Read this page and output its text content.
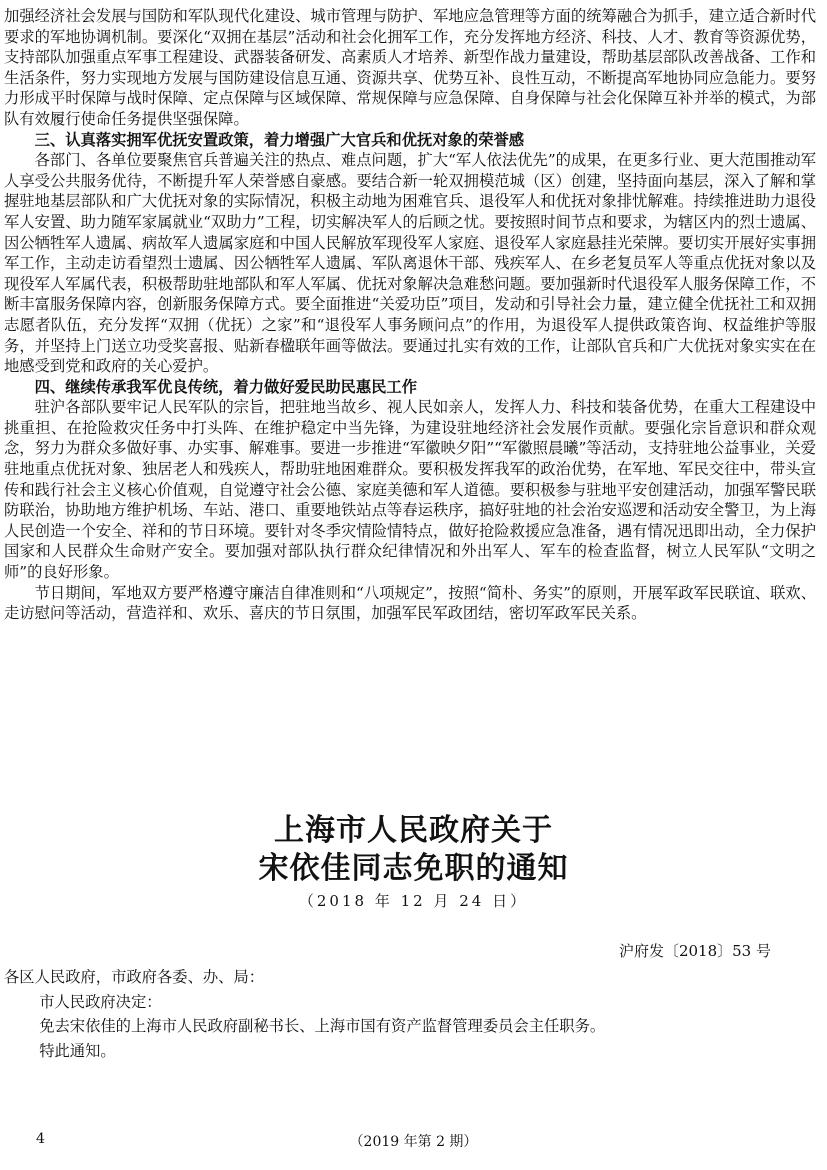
加强经济社会发展与国防和军队现代化建设、城市管理与防护、军地应急管理等方面的统筹融合为抓手，建立适合新时代要求的军地协调机制。要深化“双拥在基层”活动和社会化拥军工作，充分发挥地方经济、科技、人才、教育等资源优势，支持部队加强重点军事工程建设、武器装备研发、高素质人才培养、新型作战力量建设，帮助基层部队改善战备、工作和生活条件，努力实现地方发展与国防建设信息互通、资源共享、优势互补、良性互动，不断提高军地协同应急能力。要努力形成平时保障与战时保障、定点保障与区域保障、常规保障与应急保障、自身保障与社会化保障互补并举的模式，为部队有效履行使命任务提供坚强保障。

三、认真落实拥军优抚安置政策，着力增强广大官兵和优抚对象的荣誉感

各部门、各单位要聚焦官兵普遍关注的热点、难点问题，扩大“军人依法优先”的成果，在更多行业、更大范围推动军人享受公共服务优待，不断提升军人荣誉感自豪感。要结合新一轮双拥模范城（区）创建，坚持面向基层，深入了解和掌握驻地基层部队和广大优抚对象的实际情况，积极主动地为困难官兵、退役军人和优抚对象排忧解难。持续推进助力退役军人安置、助力随军家属就业“双助力”工程，切实解决军人的后顾之忧。要按照时间节点和要求，为辖区内的烈士遗属、因公牺牲军人遗属、病故军人遗属家庭和中国人民解放军现役军人家庭、退役军人家庭悬挂光荣牌。要切实开展好实事拥军工作，主动走访看望烈士遗属、因公牺牲军人遗属、军队离退休干部、残疾军人、在乡老复员军人等重点优抚对象以及现役军人军属代表，积极帮助驻地部队和军人军属、优抚对象解决急难愁问题。要加强新时代退役军人服务保障工作，不断丰富服务保障内容，创新服务保障方式。要全面推进“关爱功臣”项目，发动和引导社会力量，建立健全优抚社工和双拥志愿者队伍，充分发挥“双拥（优抚）之家”和“退役军人事务顾问点”的作用，为退役军人提供政策咨询、权益维护等服务，并坚持上门送立功受奖喜报、贴新春楹联年画等做法。要通过扎实有效的工作，让部队官兵和广大优抚对象实实在在地感受到党和政府的关心爱护。

四、继续传承我军优良传统，着力做好爱民助民惠民工作

驻沪各部队要牢记人民军队的宗旨，把驻地当故乡、视人民如亲人，发挥人力、科技和装备优势，在重大工程建设中挑重担、在抢险救灾任务中打头阵、在维护稳定中当先锋，为建设驻地经济社会发展作贡献。要强化宗旨意识和群众观念，努力为群众多做好事、办实事、解难事。要进一步推进“军徽映夕阳”“军徽照晨曦”等活动，支持驻地公益事业，关爱驻地重点优抚对象、独居老人和残疾人，帮助驻地困难群众。要积极发挥我军的政治优势，在军地、军民交往中，带头宣传和践行社会主义核心价值观，自觉遵守社会公德、家庭美德和军人道德。要积极参与驻地平安创建活动，加强军警民联防联治，协助地方维护机场、车站、港口、重要地铁站点等春运秩序，搞好驻地的社会治安巡逻和活动安全警卫，为上海人民创造一个安全、祥和的节日环境。要针对冬季灾情险情特点，做好抢险救援应急准备，遇有情况迅即出动，全力保护国家和人民群众生命财产安全。要加强对部队执行群众纪律情况和外出军人、军车的检查监督，树立人民军队“文明之师”的良好形象。

节日期间，军地双方要严格遵守廉洁自律准则和“八项规定”，按照“简朴、务实”的原则，开展军政军民联谊、联欢、走访慰问等活动，营造祥和、欢乐、喜庆的节日氛围，加强军民军政团结，密切军政军民关系。

上海市人民政府关于
宋依佳同志免职的通知
（2018 年 12 月 24 日）
沪府发〔2018〕53 号

各区人民政府，市政府各委、办、局：

市人民政府决定：

免去宋依佳的上海市人民政府副秘书长、上海市国有资产监督管理委员会主任职务。

特此通知。

4	（2019 年第 2 期）
